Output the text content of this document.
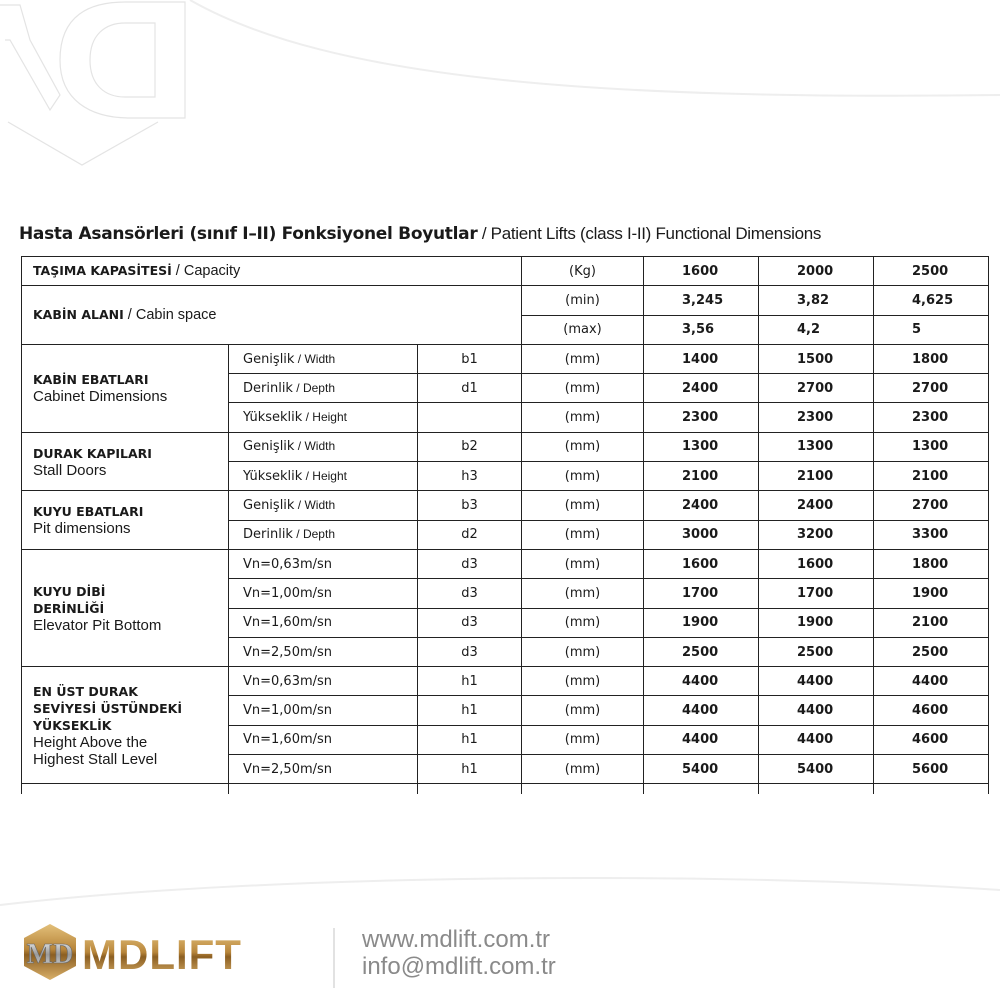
Hasta Asansörleri (sınıf I–II) Fonksiyonel Boyutlar / Patient Lifts (class I-II) Functional Dimensions
TAŞIMA KAPASİTESİ / Capacity			(Kg)	1600	2000	2500
KABİN ALANI / Cabin space			(min)	3,245	3,82	4,625
			(max)	3,56	4,2	5

KABİN EBATLARI
Cabinet Dimensions	Genişlik / Width	b1	(mm)	1400	1500	1800
	Derinlik / Depth	d1	(mm)	2400	2700	2700
	Yükseklik / Height		(mm)	2300	2300	2300

DURAK KAPILARI
Stall Doors	Genişlik / Width	b2	(mm)	1300	1300	1300
	Yükseklik / Height	h3	(mm)	2100	2100	2100

KUYU EBATLARI
Pit dimensions	Genişlik / Width	b3	(mm)	2400	2400	2700
	Derinlik / Depth	d2	(mm)	3000	3200	3300

KUYU DİBİ DERİNLİĞİ
Elevator Pit Bottom	Vn=0,63m/sn	d3	(mm)	1600	1600	1800
	Vn=1,00m/sn	d3	(mm)	1700	1700	1900
	Vn=1,60m/sn	d3	(mm)	1900	1900	2100
	Vn=2,50m/sn	d3	(mm)	2500	2500	2500

EN ÜST DURAK SEVİYESİ ÜSTÜNDEKİ YÜKSEKLİK
Height Above the Highest Stall Level	Vn=0,63m/sn	h1	(mm)	4400	4400	4400
	Vn=1,00m/sn	h1	(mm)	4400	4400	4600
	Vn=1,60m/sn	h1	(mm)	4400	4400	4600
	Vn=2,50m/sn	h1	(mm)	5400	5400	5600

MD MDLIFT	www.mdlift.com.tr
info@mdlift.com.tr
